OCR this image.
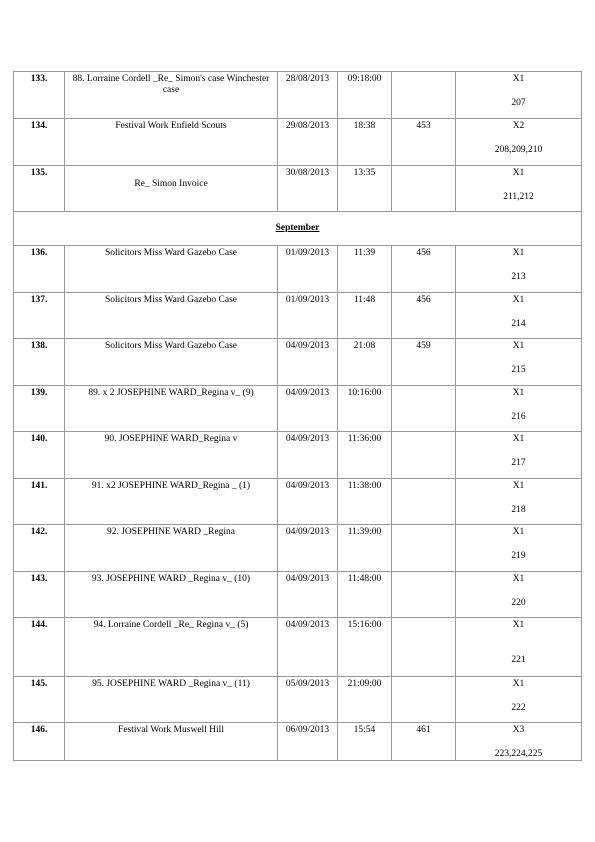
133.	88. Lorraine Cordell _Re_ Simon's case Winchester case	28/08/2013	09:18:00		X1
207

134.	Festival Work Enfield Scouts	29/08/2013	18:38	453	X2
208,209,210

135.	Re_ Simon Invoice	30/08/2013	13:35		X1
211,212

September					
136.	Solicitors Miss Ward Gazebo Case	01/09/2013	11:39	456	X1
213

137.	Solicitors Miss Ward Gazebo Case	01/09/2013	11:48	456	X1
214

138.	Solicitors Miss Ward Gazebo Case	04/09/2013	21:08	459	X1
215

139.	89. x 2 JOSEPHINE WARD_Regina v_ (9)	04/09/2013	10:16:00		X1
216

140.	90. JOSEPHINE WARD_Regina v	04/09/2013	11:36:00		X1
217

141.	91. x2 JOSEPHINE WARD_Regina _ (1)	04/09/2013	11:38:00		X1
218

142.	92. JOSEPHINE WARD _Regina	04/09/2013	11:39:00		X1
219

143.	93. JOSEPHINE WARD _Regina v_ (10)	04/09/2013	11:48:00		X1
220

144.	94. Lorraine Cordell _Re_ Regina v_ (5)	04/09/2013	15:16:00		X1
221

145.	95. JOSEPHINE WARD _Regina v_ (11)	05/09/2013	21:09:00		X1
222

146.	Festival Work Muswell Hill	06/09/2013	15:54	461	X3
223,224,225
